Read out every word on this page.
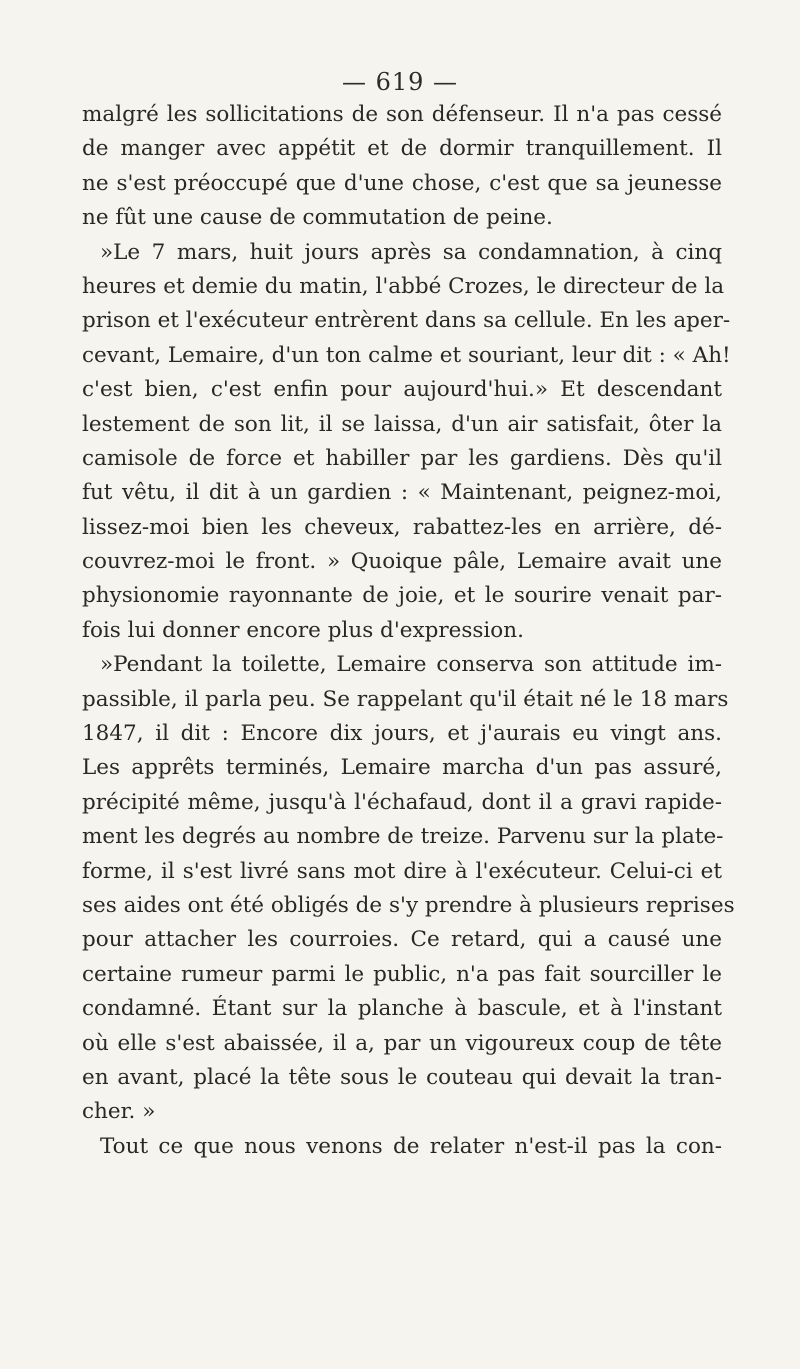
— 619 —
malgré les sollicitations de son défenseur. Il n'a pas cessé
de manger avec appétit et de dormir tranquillement. Il
ne s'est préoccupé que d'une chose, c'est que sa jeunesse
ne fût une cause de commutation de peine.
»Le 7 mars, huit jours après sa condamnation, à cinq
heures et demie du matin, l'abbé Crozes, le directeur de la
prison et l'exécuteur entrèrent dans sa cellule. En les aper-
cevant, Lemaire, d'un ton calme et souriant, leur dit : « Ah!
c'est bien, c'est enfin pour aujourd'hui.» Et descendant
lestement de son lit, il se laissa, d'un air satisfait, ôter la
camisole de force et habiller par les gardiens. Dès qu'il
fut vêtu, il dit à un gardien : « Maintenant, peignez-moi,
lissez-moi bien les cheveux, rabattez-les en arrière, dé-
couvrez-moi le front. » Quoique pâle, Lemaire avait une
physionomie rayonnante de joie, et le sourire venait par-
fois lui donner encore plus d'expression.
»Pendant la toilette, Lemaire conserva son attitude im-
passible, il parla peu. Se rappelant qu'il était né le 18 mars
1847, il dit : Encore dix jours, et j'aurais eu vingt ans.
Les apprêts terminés, Lemaire marcha d'un pas assuré,
précipité même, jusqu'à l'échafaud, dont il a gravi rapide-
ment les degrés au nombre de treize. Parvenu sur la plate-
forme, il s'est livré sans mot dire à l'exécuteur. Celui-ci et
ses aides ont été obligés de s'y prendre à plusieurs reprises
pour attacher les courroies. Ce retard, qui a causé une
certaine rumeur parmi le public, n'a pas fait sourciller le
condamné. Étant sur la planche à bascule, et à l'instant
où elle s'est abaissée, il a, par un vigoureux coup de tête
en avant, placé la tête sous le couteau qui devait la tran-
cher. »
Tout ce que nous venons de relater n'est-il pas la con-
